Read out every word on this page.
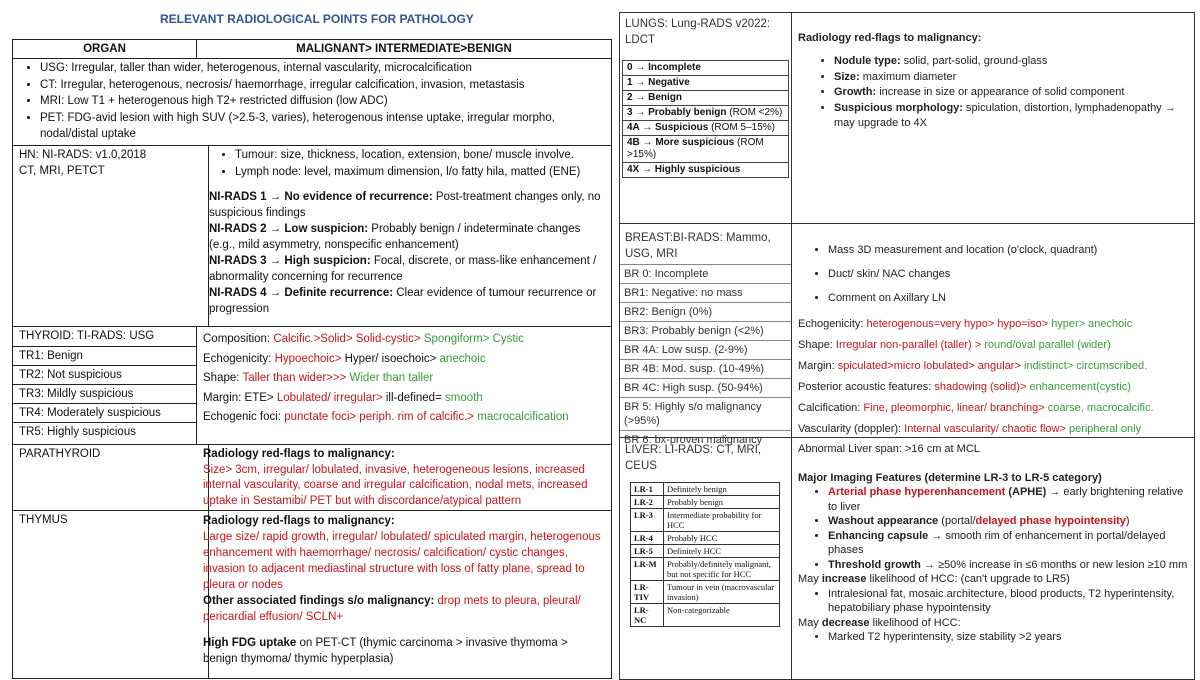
RELEVANT RADIOLOGICAL POINTS FOR PATHOLOGY
ORGAN	MALIGNANT> INTERMEDIATE>BENIGN
• USG: Irregular, taller than wider, heterogenous, internal vascularity, microcalcification
• CT: Irregular, heterogenous, necrosis/ haemorrhage, irregular calcification, invasion, metastasis
• MRI: Low T1 + heterogenous high T2+ restricted diffusion (low ADC)
• PET: FDG-avid lesion with high SUV (>2.5-3, varies), heterogenous intense uptake, irregular morpho, nodal/distal uptake
HN: NI-RADS: v1.0,2018
CT, MRI, PETCT
• Tumour: size, thickness, location, extension, bone/ muscle involve.
• Lymph node: level, maximum dimension, l/o fatty hila, matted (ENE)
NI-RADS 1 → No evidence of recurrence: Post-treatment changes only, no suspicious findings
NI-RADS 2 → Low suspicion: Probably benign / indeterminate changes (e.g., mild asymmetry, nonspecific enhancement)
NI-RADS 3 → High suspicion: Focal, discrete, or mass-like enhancement / abnormality concerning for recurrence
NI-RADS 4 → Definite recurrence: Clear evidence of tumour recurrence or progression
THYROID: TI-RADS: USG
TR1: Benign
TR2: Not suspicious
TR3: Mildly suspicious
TR4: Moderately suspicious
TR5: Highly suspicious
Composition: Calcific.>Solid> Solid-cystic> Spongiform> Cystic
Echogenicity: Hypoechoic> Hyper/ isoechoic> anechoic
Shape: Taller than wider>>> Wider than taller
Margin: ETE> Lobulated/ irregular> ill-defined= smooth
Echogenic foci: punctate foci> periph. rim of calcific.> macrocalcification
PARATHYROID	Radiology red-flags to malignancy:
Size> 3cm, irregular/ lobulated, invasive, heterogeneous lesions, increased internal vascularity, coarse and irregular calcification, nodal mets, increased uptake in Sestamibi/ PET but with discordance/atypical pattern
THYMUS	Radiology red-flags to malignancy:
Large size/ rapid growth, irregular/ lobulated/ spiculated margin, heterogenous enhancement with haemorrhage/ necrosis/ calcification/ cystic changes, invasion to adjacent mediastinal structure with loss of fatty plane, spread to pleura or nodes
Other associated findings s/o malignancy: drop mets to pleura, pleural/ pericardial effusion/ SCLN+
High FDG uptake on PET-CT (thymic carcinoma > invasive thymoma > benign thymoma/ thymic hyperplasia)
LUNGS: Lung-RADS v2022:
LDCT
0 → Incomplete
1 → Negative
2 → Benign
3 → Probably benign (ROM <2%)
4A → Suspicious (ROM 5–15%)
4B → More suspicious (ROM >15%)
4X → Highly suspicious
Radiology red-flags to malignancy:
• Nodule type: solid, part-solid, ground-glass
• Size: maximum diameter
• Growth: increase in size or appearance of solid component
• Suspicious morphology: spiculation, distortion, lymphadenopathy → may upgrade to 4X
BREAST:BI-RADS: Mammo, USG, MRI
BR 0: Incomplete
BR1: Negative: no mass
BR2: Benign (0%)
BR3: Probably benign (<2%)
BR 4A: Low susp. (2-9%)
BR 4B: Mod. susp. (10-49%)
BR 4C: High susp. (50-94%)
BR 5: Highly s/o malignancy (>95%)
BR 6: bx-proven malignancy
• Mass 3D measurement and location (o'clock, quadrant)
• Duct/ skin/ NAC changes
• Comment on Axillary LN
Echogenicity: heterogenous=very hypo> hypo=iso> hyper> anechoic
Shape: Irregular non-parallel (taller) > round/oval parallel (wider)
Margin: spiculated>micro lobulated> angular> indistinct> circumscribed.
Posterior acoustic features: shadowing (solid)> enhancement(cystic)
Calcification: Fine, pleomorphic, linear/ branching> coarse, macrocalcific.
Vascularity (doppler): Internal vascularity/ chaotic flow> peripheral only
LIVER: LI-RADS: CT, MRI, CEUS
LR-1	Definitely benign
LR-2	Probably benign
LR-3	Intermediate probability for HCC
LR-4	Probably HCC
LR-5	Definitely HCC
LR-M	Probably/definitely malignant, but not specific for HCC
LR-TIV	Tumour in vein (macrovascular invasion)
LR-NC	Non-categorizable
Abnormal Liver span: >16 cm at MCL
Major Imaging Features (determine LR-3 to LR-5 category)
• Arterial phase hyperenhancement (APHE) → early brightening relative to liver
• Washout appearance (portal/delayed phase hypointensity)
• Enhancing capsule → smooth rim of enhancement in portal/delayed phases
• Threshold growth → ≥50% increase in ≤6 months or new lesion ≥10 mm
May increase likelihood of HCC: (can't upgrade to LR5)
• Intralesional fat, mosaic architecture, blood products, T2 hyperintensity, hepatobiliary phase hypointensity
May decrease likelihood of HCC:
• Marked T2 hyperintensity, size stability >2 years
